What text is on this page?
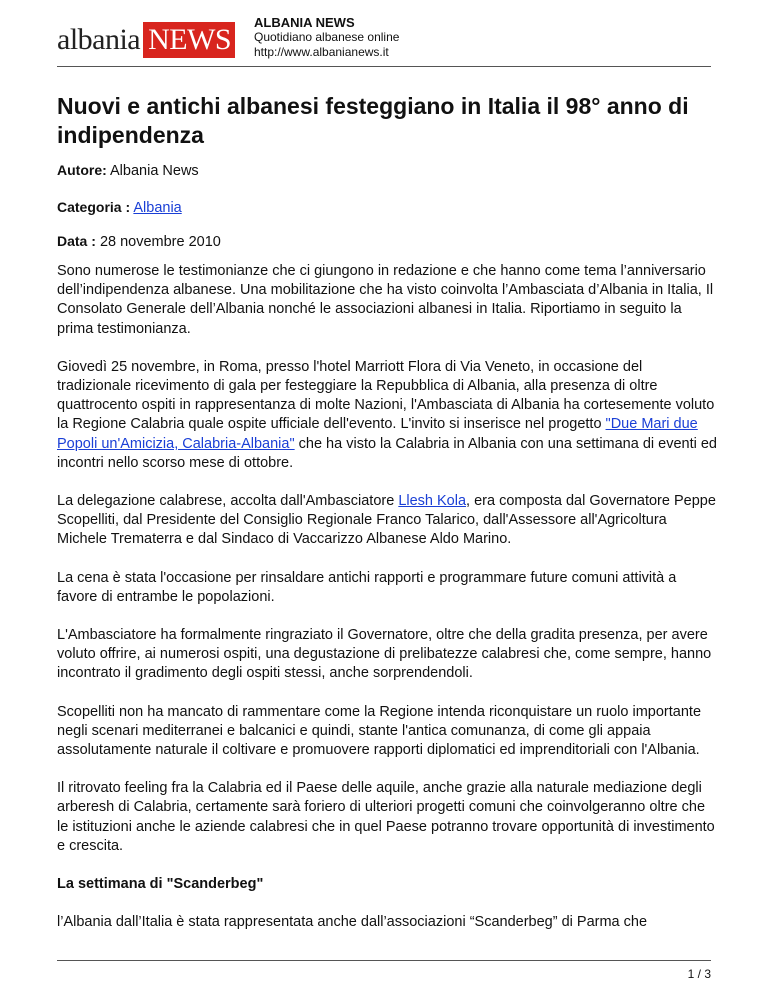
albania NEWS
ALBANIA NEWS
Quotidiano albanese online
http://www.albanianews.it
Nuovi e antichi albanesi festeggiano in Italia il 98° anno di indipendenza
Autore: Albania News
Categoria : Albania
Data : 28 novembre 2010

Sono numerose le testimonianze che ci giungono in redazione e che hanno come tema l’anniversario dell’indipendenza albanese. Una mobilitazione che ha visto coinvolta l’Ambasciata d’Albania in Italia, Il Consolato Generale dell’Albania nonché le associazioni albanesi in Italia. Riportiamo in seguito la prima testimonianza.

Giovedì 25 novembre, in Roma, presso l'hotel Marriott Flora di Via Veneto, in occasione del tradizionale ricevimento di gala per festeggiare la Repubblica di Albania, alla presenza di oltre quattrocento ospiti in rappresentanza di molte Nazioni, l'Ambasciata di Albania ha cortesemente voluto la Regione Calabria quale ospite ufficiale dell'evento. L'invito si inserisce nel progetto "Due Mari due Popoli un'Amicizia, Calabria-Albania" che ha visto la Calabria in Albania con una settimana di eventi ed incontri nello scorso mese di ottobre.

La delegazione calabrese, accolta dall'Ambasciatore Llesh Kola, era composta dal Governatore Peppe Scopelliti, dal Presidente del Consiglio Regionale Franco Talarico, dall'Assessore all'Agricoltura Michele Trematerra e dal Sindaco di Vaccarizzo Albanese Aldo Marino.

La cena è stata l'occasione per rinsaldare antichi rapporti e programmare future comuni attività a favore di entrambe le popolazioni.

L'Ambasciatore ha formalmente ringraziato il Governatore, oltre che della gradita presenza, per avere voluto offrire, ai numerosi ospiti, una degustazione di prelibatezze calabresi che, come sempre, hanno incontrato il gradimento degli ospiti stessi, anche sorprendendoli.

Scopelliti non ha mancato di rammentare come la Regione intenda riconquistare un ruolo importante negli scenari mediterranei e balcanici e quindi, stante l'antica comunanza, di come gli appaia assolutamente naturale il coltivare e promuovere rapporti diplomatici ed imprenditoriali con l'Albania.

Il ritrovato feeling fra la Calabria ed il Paese delle aquile, anche grazie alla naturale mediazione degli arberesh di Calabria, certamente sarà foriero di ulteriori progetti comuni che coinvolgeranno oltre che le istituzioni anche le aziende calabresi che in quel Paese potranno trovare opportunità di investimento e crescita.

La settimana di "Scanderbeg"

l’Albania dall’Italia è stata rappresentata anche dall’associazioni “Scanderbeg” di Parma che

1 / 3
